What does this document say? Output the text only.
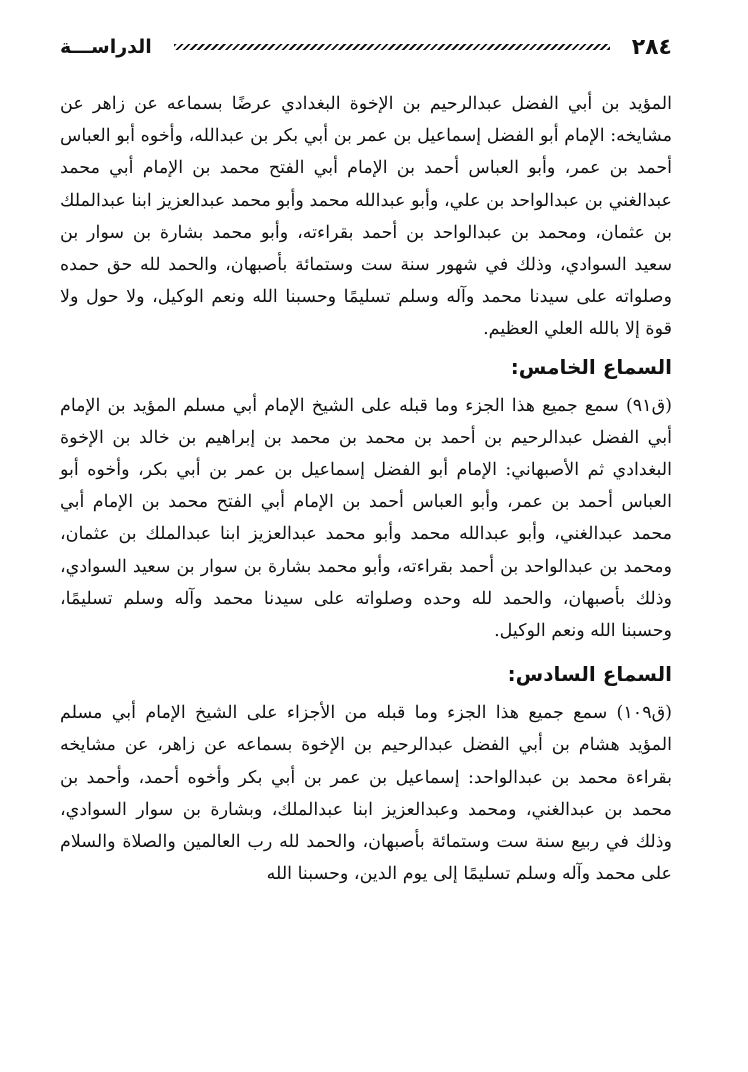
٢٨٤
الدراســـة

المؤيد بن أبي الفضل عبدالرحيم بن الإخوة البغدادي عرضًا بسماعه عن زاهر عن مشايخه: الإمام أبو الفضل إسماعيل بن عمر بن أبي بكر بن عبدالله، وأخوه أبو العباس أحمد بن عمر، وأبو العباس أحمد بن الإمام أبي الفتح محمد بن الإمام أبي محمد عبدالغني بن عبدالواحد بن علي، وأبو عبدالله محمد وأبو محمد عبدالعزيز ابنا عبدالملك بن عثمان، ومحمد بن عبدالواحد بن أحمد بقراءته، وأبو محمد بشارة بن سوار بن سعيد السوادي، وذلك في شهور سنة ست وستمائة بأصبهان، والحمد لله حق حمده وصلواته على سيدنا محمد وآله وسلم تسليمًا وحسبنا الله ونعم الوكيل، ولا حول ولا قوة إلا بالله العلي العظيم.

السماع الخامس:

(ق٩١) سمع جميع هذا الجزء وما قبله على الشيخ الإمام أبي مسلم المؤيد بن الإمام أبي الفضل عبدالرحيم بن أحمد بن محمد بن محمد بن إبراهيم بن خالد بن الإخوة البغدادي ثم الأصبهاني: الإمام أبو الفضل إسماعيل بن عمر بن أبي بكر، وأخوه أبو العباس أحمد بن عمر، وأبو العباس أحمد بن الإمام أبي الفتح محمد بن الإمام أبي محمد عبدالغني، وأبو عبدالله محمد وأبو محمد عبدالعزيز ابنا عبدالملك بن عثمان، ومحمد بن عبدالواحد بن أحمد بقراءته، وأبو محمد بشارة بن سوار بن سعيد السوادي، وذلك بأصبهان، والحمد لله وحده وصلواته على سيدنا محمد وآله وسلم تسليمًا، وحسبنا الله ونعم الوكيل.

السماع السادس:

(ق١٠٩) سمع جميع هذا الجزء وما قبله من الأجزاء على الشيخ الإمام أبي مسلم المؤيد هشام بن أبي الفضل عبدالرحيم بن الإخوة بسماعه عن زاهر، عن مشايخه بقراءة محمد بن عبدالواحد: إسماعيل بن عمر بن أبي بكر وأخوه أحمد، وأحمد بن محمد بن عبدالغني، ومحمد وعبدالعزيز ابنا عبدالملك، وبشارة بن سوار السوادي، وذلك في ربيع سنة ست وستمائة بأصبهان، والحمد لله رب العالمين والصلاة والسلام على محمد وآله وسلم تسليمًا إلى يوم الدين، وحسبنا الله
